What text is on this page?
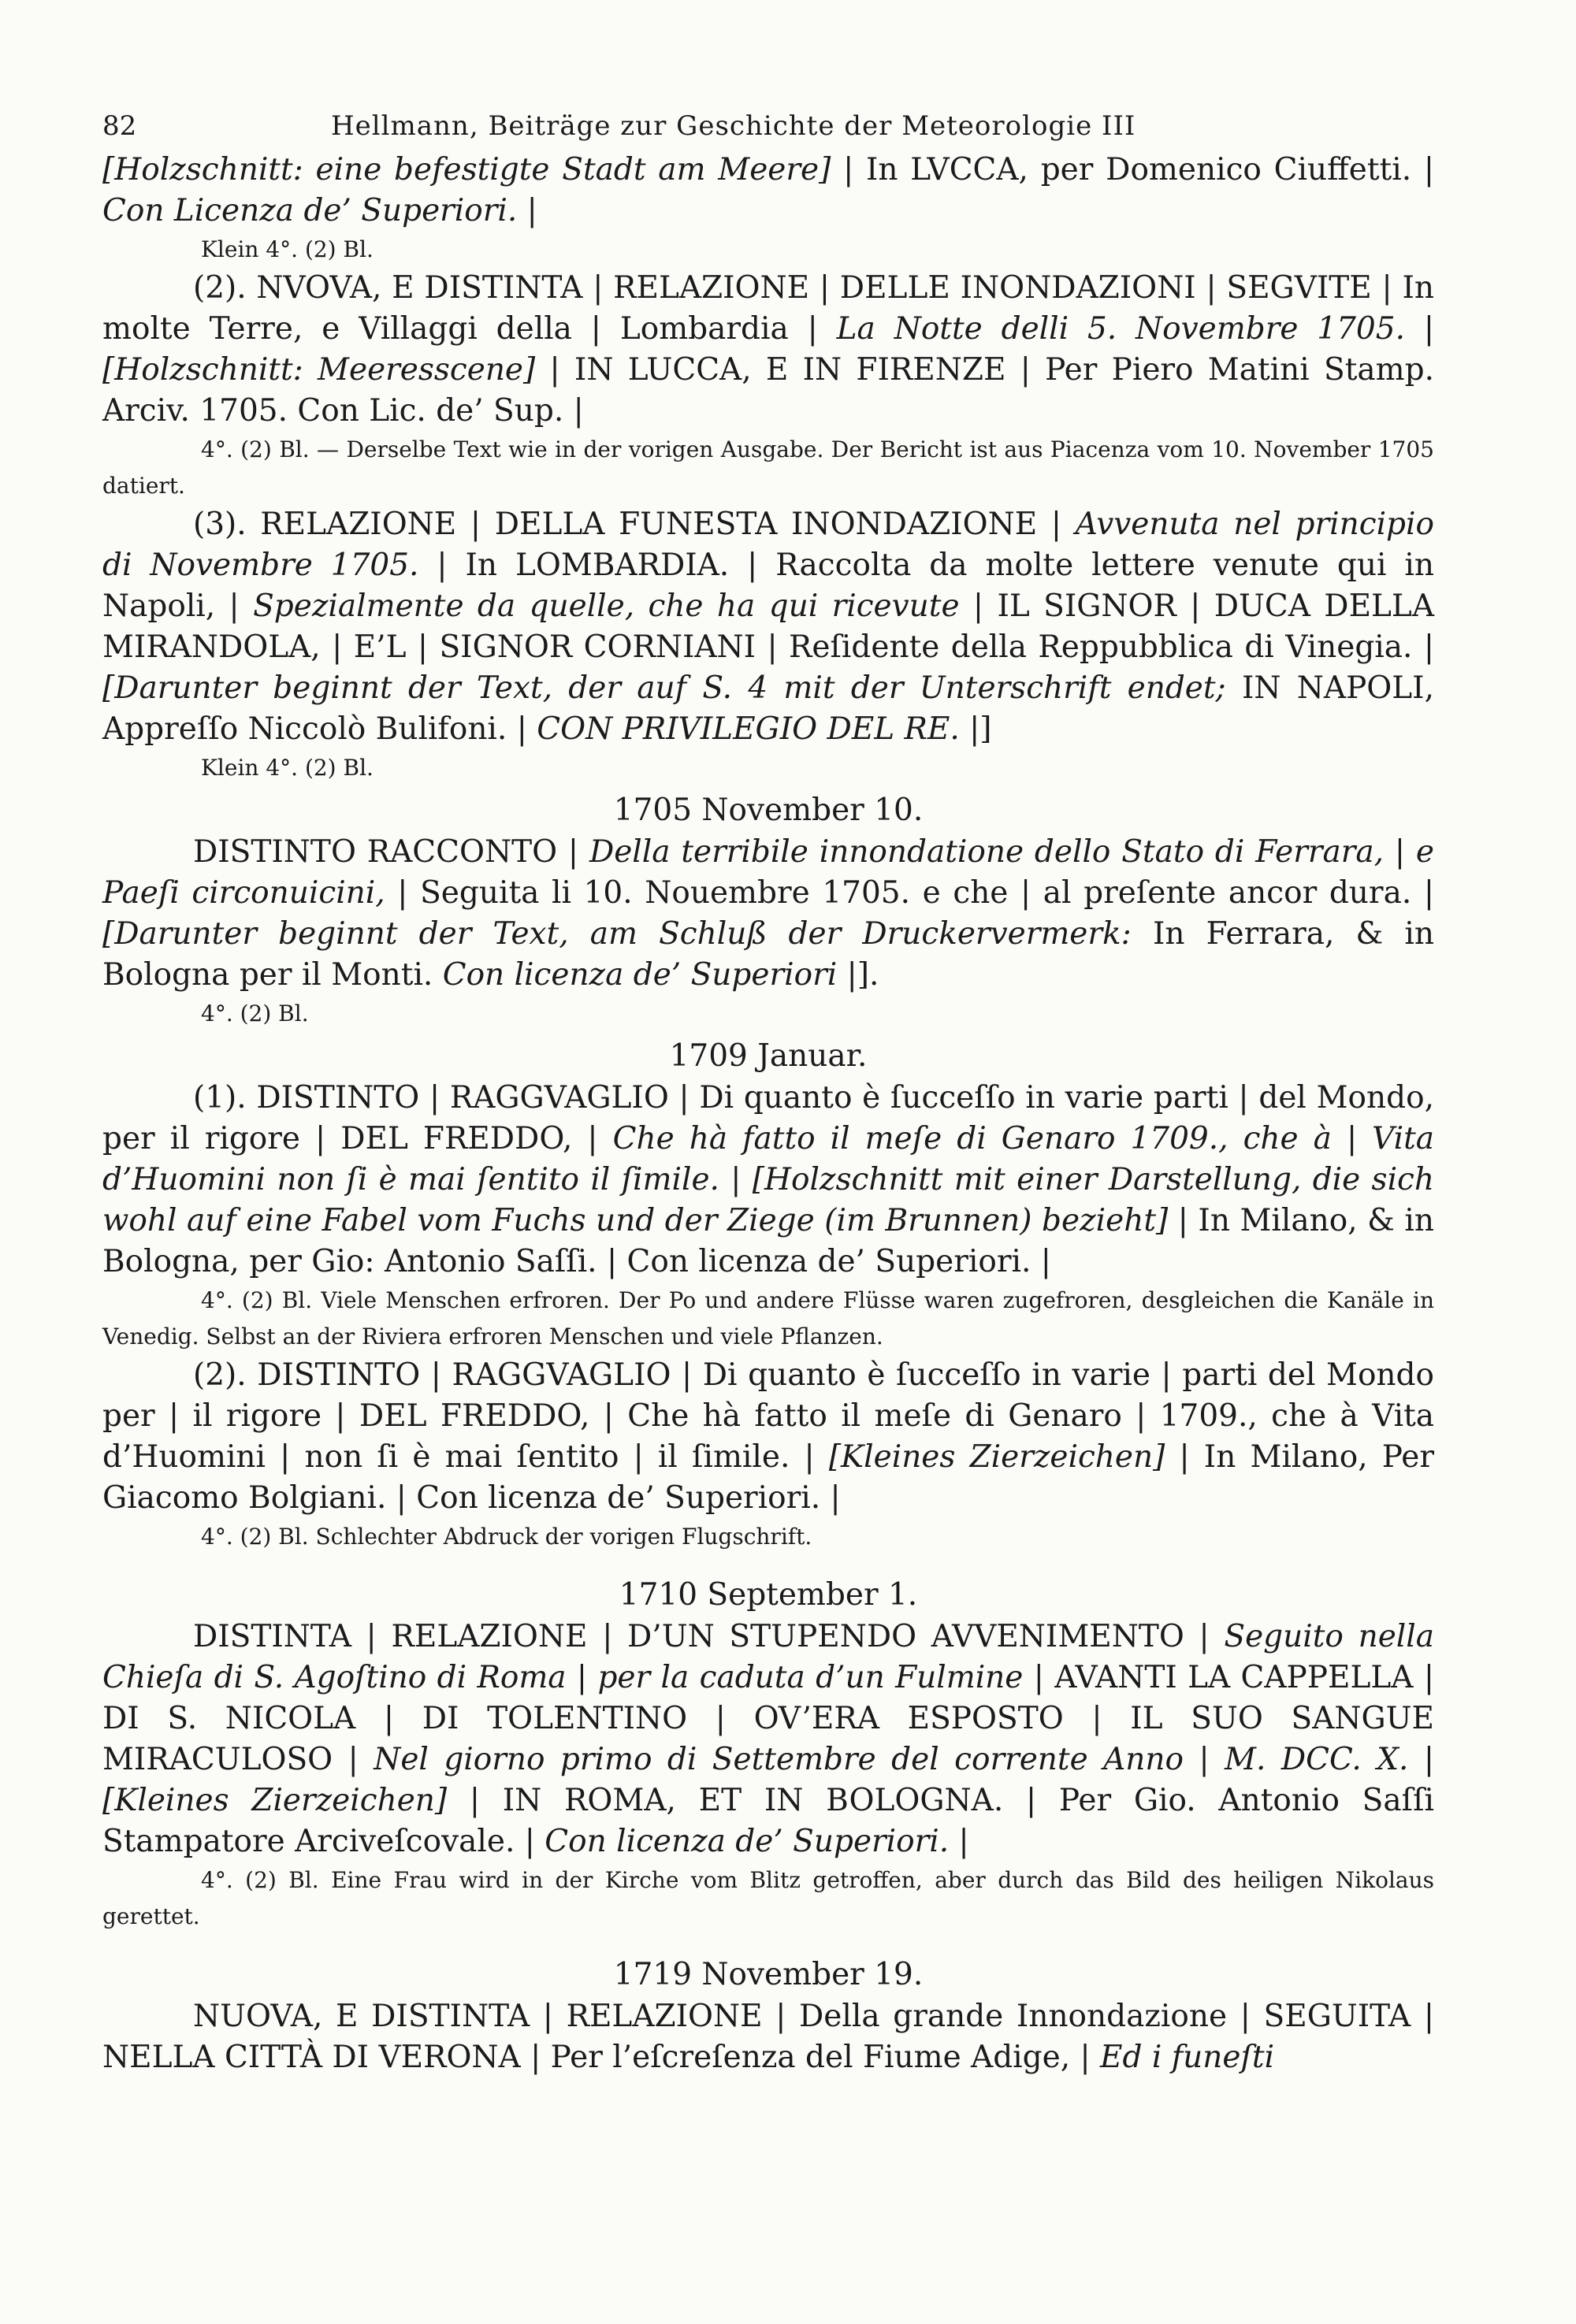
82	Hellmann, Beiträge zur Geschichte der Meteorologie III

[Holzschnitt: eine befestigte Stadt am Meere] | In LVCCA, per Domenico Ciuffetti. | Con Licenza de’ Superiori. |

Klein 4°. (2) Bl.

(2). NVOVA, E DISTINTA | RELAZIONE | DELLE INONDAZIONI | SEGVITE | In molte Terre, e Villaggi della | Lombardia | La Notte delli 5. Novembre 1705. | [Holzschnitt: Meeresscene] | IN LUCCA, E IN FIRENZE | Per Piero Matini Stamp. Arciv. 1705. Con Lic. de’ Sup. |

4°. (2) Bl. — Derselbe Text wie in der vorigen Ausgabe. Der Bericht ist aus Piacenza vom 10. November 1705 datiert.

(3). RELAZIONE | DELLA FUNESTA INONDAZIONE | Avvenuta nel principio di Novembre 1705. | In LOMBARDIA. | Raccolta da molte lettere venute qui in Napoli, | Spezialmente da quelle, che ha qui ricevute | IL SIGNOR | DUCA DELLA MIRANDOLA, | E’L | SIGNOR CORNIANI | Reſidente della Reppubblica di Vinegia. | [Darunter beginnt der Text, der auf S. 4 mit der Unterschrift endet; IN NAPOLI, Appreſſo Niccolò Bulifoni. | CON PRIVILEGIO DEL RE. |]

Klein 4°. (2) Bl.

1705 November 10.

DISTINTO RACCONTO | Della terribile innondatione dello Stato di Ferrara, | e Paeſi circonuicini, | Seguita li 10. Nouembre 1705. e che | al preſente ancor dura. | [Darunter beginnt der Text, am Schluß der Druckervermerk: In Ferrara, & in Bologna per il Monti. Con licenza de’ Superiori |].

4°. (2) Bl.

1709 Januar.

(1). DISTINTO | RAGGVAGLIO | Di quanto è ſucceſſo in varie parti | del Mondo, per il rigore | DEL FREDDO, | Che hà fatto il meſe di Genaro 1709., che à | Vita d’Huomini non ſi è mai ſentito il ſimile. | [Holzschnitt mit einer Darstellung, die sich wohl auf eine Fabel vom Fuchs und der Ziege (im Brunnen) bezieht] | In Milano, & in Bologna, per Gio: Antonio Saſſi. | Con licenza de’ Superiori. |

4°. (2) Bl. Viele Menschen erfroren. Der Po und andere Flüsse waren zugefroren, desgleichen die Kanäle in Venedig. Selbst an der Riviera erfroren Menschen und viele Pflanzen.

(2). DISTINTO | RAGGVAGLIO | Di quanto è ſucceſſo in varie | parti del Mondo per | il rigore | DEL FREDDO, | Che hà fatto il meſe di Genaro | 1709., che à Vita d’Huomini | non ſi è mai ſentito | il ſimile. | [Kleines Zierzeichen] | In Milano, Per Giacomo Bolgiani. | Con licenza de’ Superiori. |

4°. (2) Bl. Schlechter Abdruck der vorigen Flugschrift.

1710 September 1.

DISTINTA | RELAZIONE | D’UN STUPENDO AVVENIMENTO | Seguito nella Chieſa di S. Agoſtino di Roma | per la caduta d’un Fulmine | AVANTI LA CAPPELLA | DI S. NICOLA | DI TOLENTINO | OV’ERA ESPOSTO | IL SUO SANGUE MIRACULOSO | Nel giorno primo di Settembre del corrente Anno | M. DCC. X. | [Kleines Zierzeichen] | IN ROMA, ET IN BOLOGNA. | Per Gio. Antonio Saſſi Stampatore Arciveſcovale. | Con licenza de’ Superiori. |

4°. (2) Bl. Eine Frau wird in der Kirche vom Blitz getroffen, aber durch das Bild des heiligen Nikolaus gerettet.

1719 November 19.

NUOVA, E DISTINTA | RELAZIONE | Della grande Innondazione | SEGUITA | NELLA CITTÀ DI VERONA | Per l’eſcreſenza del Fiume Adige, | Ed i funeſti
